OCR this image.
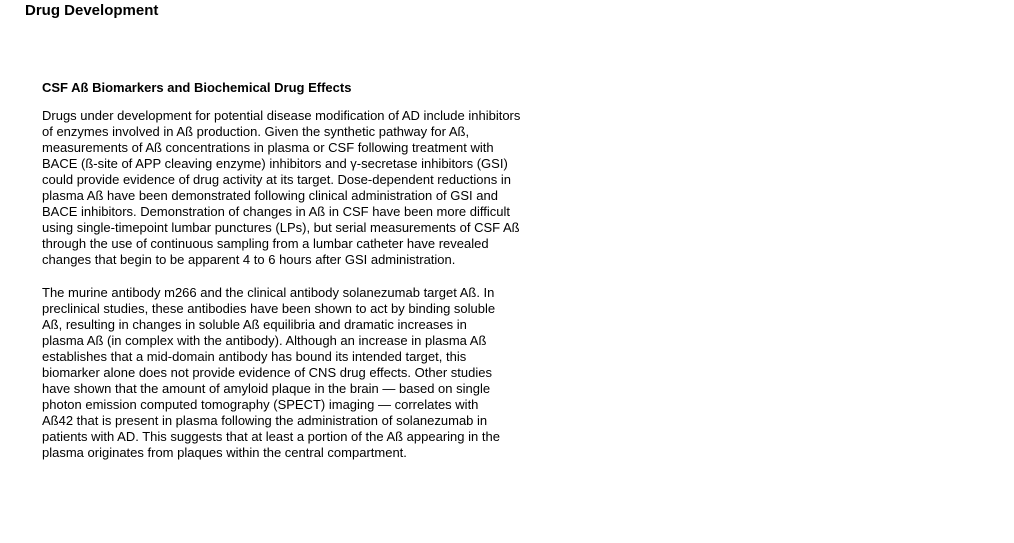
Drug Development
CSF Aß Biomarkers and Biochemical Drug Effects

Drugs under development for potential disease modification of AD include inhibitors
of enzymes involved in Aß production. Given the synthetic pathway for Aß,
measurements of Aß concentrations in plasma or CSF following treatment with
BACE (ß-site of APP cleaving enzyme) inhibitors and γ-secretase inhibitors (GSI)
could provide evidence of drug activity at its target. Dose-dependent reductions in
plasma Aß have been demonstrated following clinical administration of GSI and
BACE inhibitors. Demonstration of changes in Aß in CSF have been more difficult
using single-timepoint lumbar punctures (LPs), but serial measurements of CSF Aß
through the use of continuous sampling from a lumbar catheter have revealed
changes that begin to be apparent 4 to 6 hours after GSI administration.

The murine antibody m266 and the clinical antibody solanezumab target Aß. In
preclinical studies, these antibodies have been shown to act by binding soluble
Aß, resulting in changes in soluble Aß equilibria and dramatic increases in
plasma Aß (in complex with the antibody). Although an increase in plasma Aß
establishes that a mid-domain antibody has bound its intended target, this
biomarker alone does not provide evidence of CNS drug effects. Other studies
have shown that the amount of amyloid plaque in the brain — based on single
photon emission computed tomography (SPECT) imaging — correlates with
Aß42 that is present in plasma following the administration of solanezumab in
patients with AD. This suggests that at least a portion of the Aß appearing in the
plasma originates from plaques within the central compartment.
